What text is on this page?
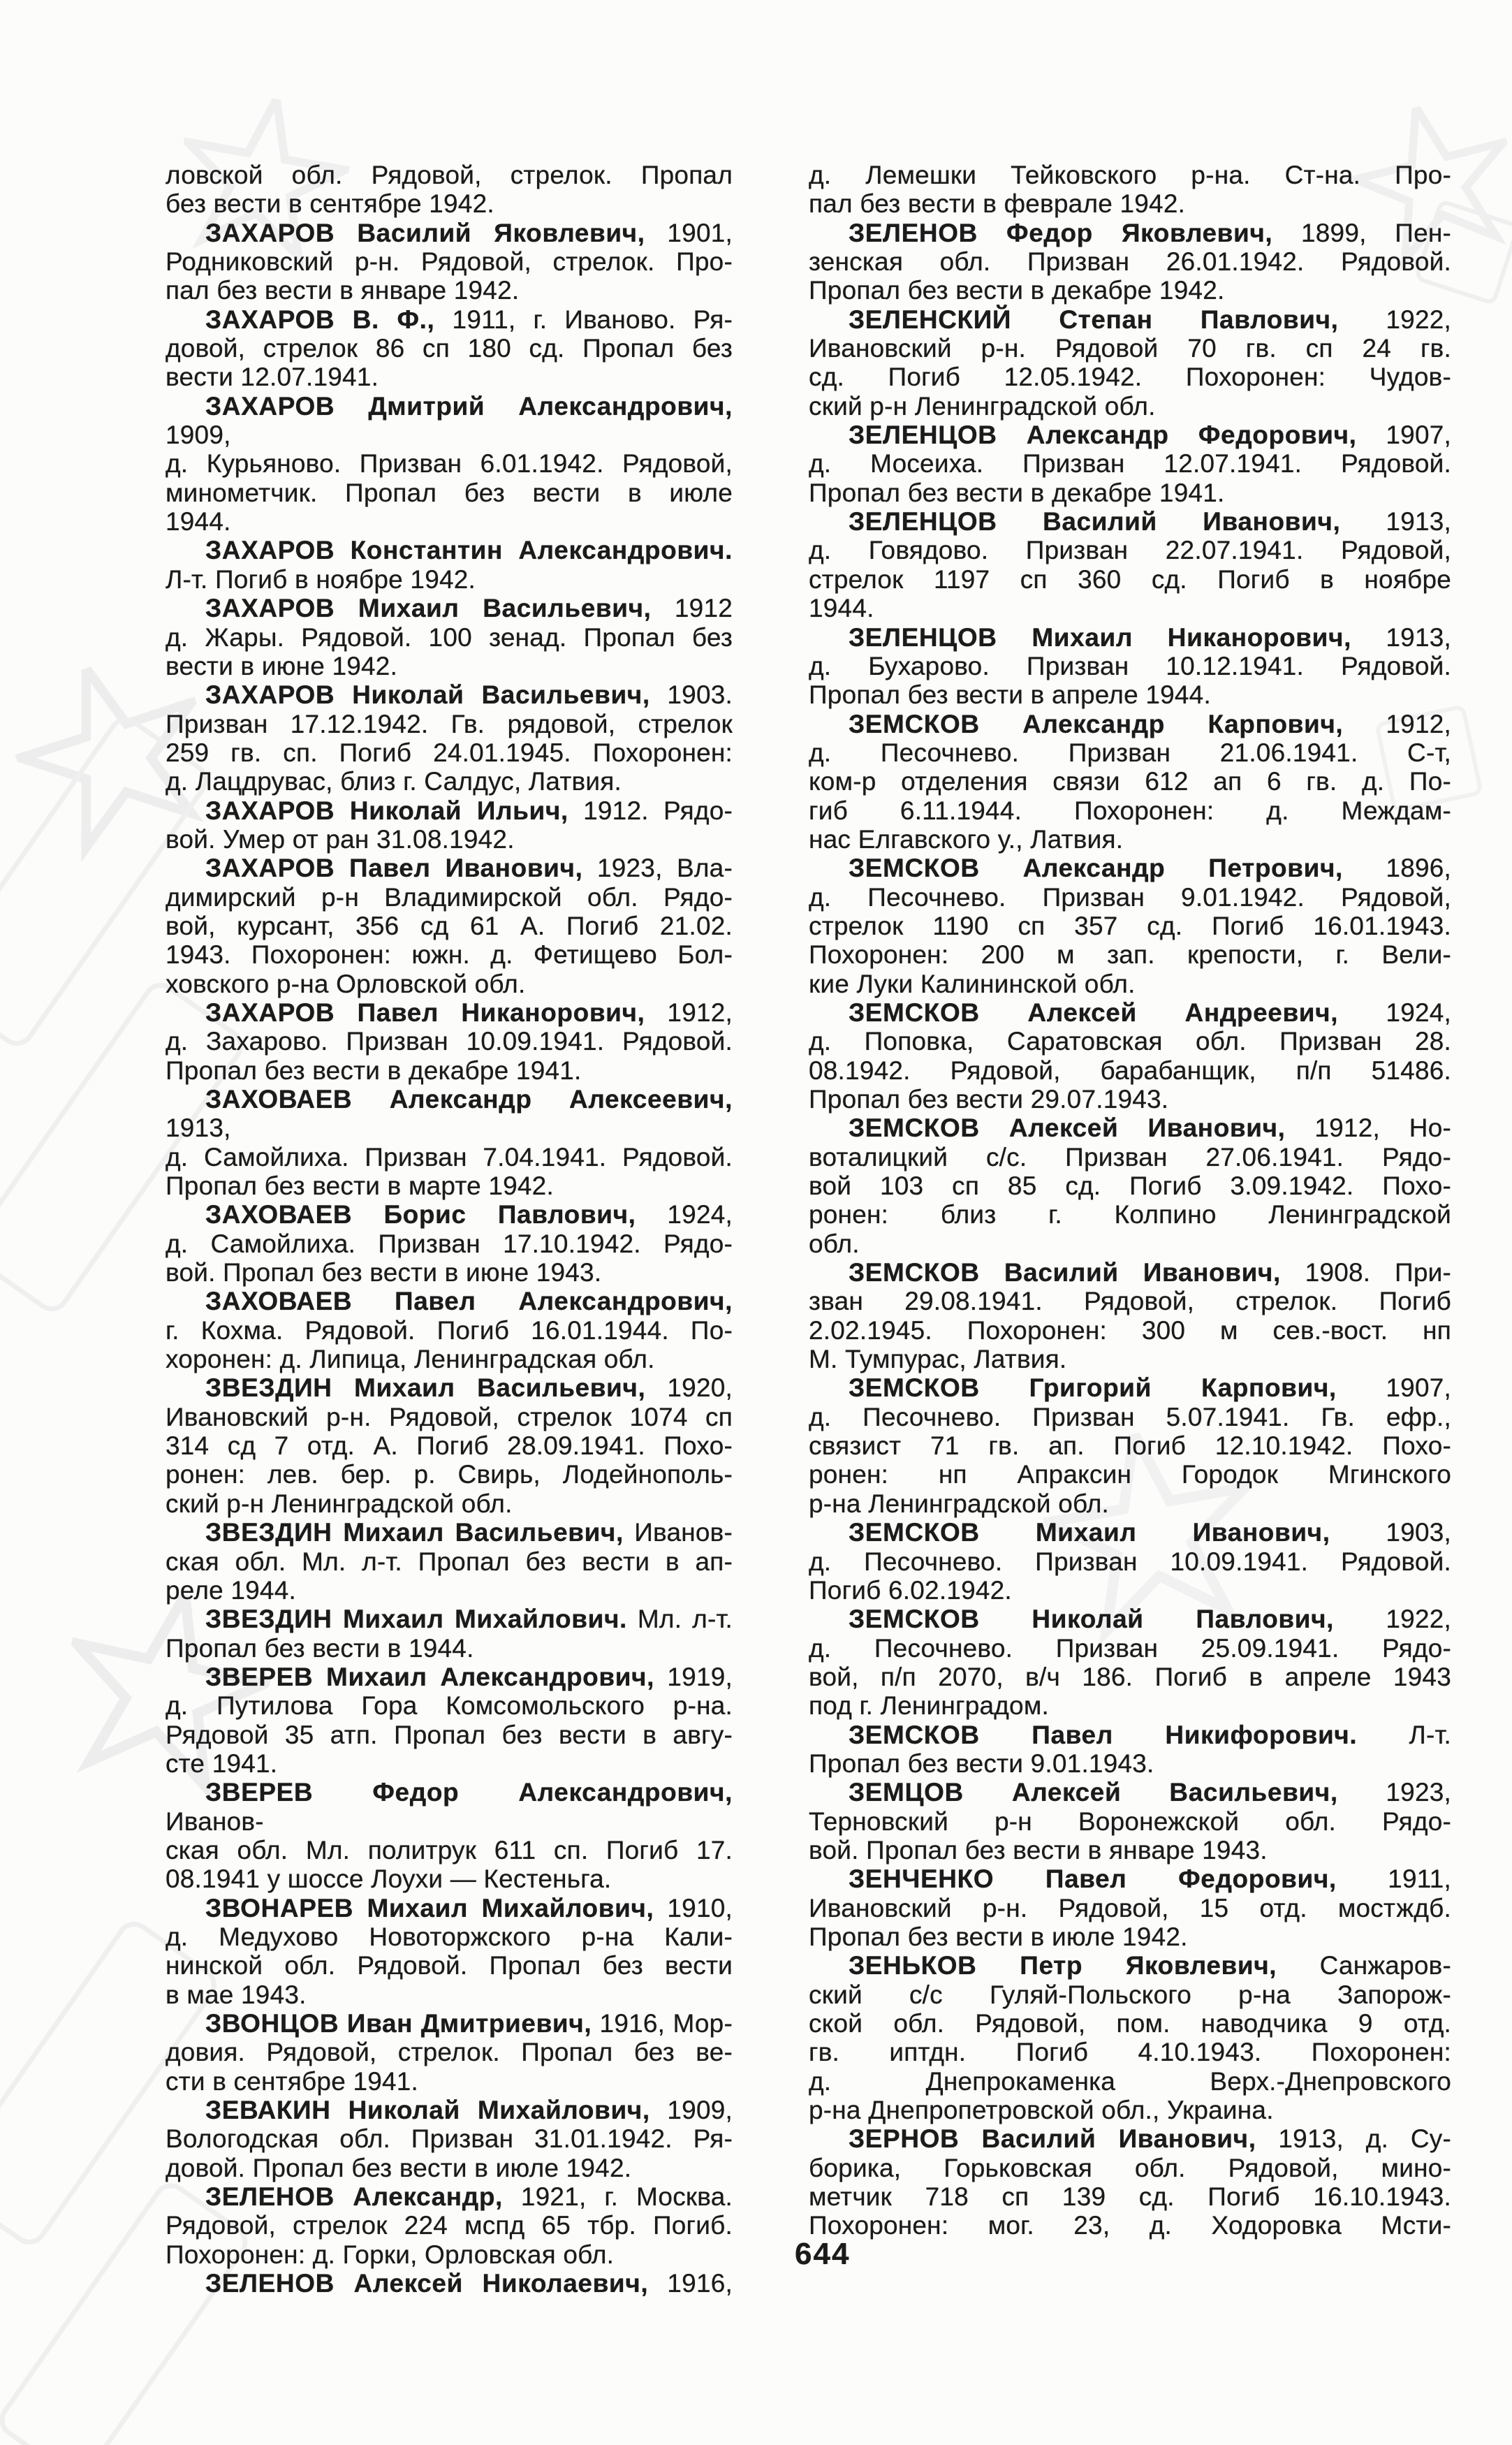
ловской обл. Рядовой, стрелок. Пропал
без вести в сентябре 1942.
ЗАХАРОВ Василий Яковлевич, 1901,
Родниковский р-н. Рядовой, стрелок. Про-
пал без вести в январе 1942.
ЗАХАРОВ В. Ф., 1911, г. Иваново. Ря-
довой, стрелок 86 сп 180 сд. Пропал без
вести 12.07.1941.
ЗАХАРОВ Дмитрий Александрович, 1909,
д. Курьяново. Призван 6.01.1942. Рядовой,
минометчик. Пропал без вести в июле
1944.
ЗАХАРОВ Константин Александрович.
Л-т. Погиб в ноябре 1942.
ЗАХАРОВ Михаил Васильевич, 1912
д. Жары. Рядовой. 100 зенад. Пропал без
вести в июне 1942.
ЗАХАРОВ Николай Васильевич, 1903.
Призван 17.12.1942. Гв. рядовой, стрелок
259 гв. сп. Погиб 24.01.1945. Похоронен:
д. Лацдрувас, близ г. Салдус, Латвия.
ЗАХАРОВ Николай Ильич, 1912. Рядо-
вой. Умер от ран 31.08.1942.
ЗАХАРОВ Павел Иванович, 1923, Вла-
димирский р-н Владимирской обл. Рядо-
вой, курсант, 356 сд 61 А. Погиб 21.02.
1943. Похоронен: южн. д. Фетищево Бол-
ховского р-на Орловской обл.
ЗАХАРОВ Павел Никанорович, 1912,
д. Захарово. Призван 10.09.1941. Рядовой.
Пропал без вести в декабре 1941.
ЗАХОВАЕВ Александр Алексеевич, 1913,
д. Самойлиха. Призван 7.04.1941. Рядовой.
Пропал без вести в марте 1942.
ЗАХОВАЕВ Борис Павлович, 1924,
д. Самойлиха. Призван 17.10.1942. Рядо-
вой. Пропал без вести в июне 1943.
ЗАХОВАЕВ Павел Александрович,
г. Кохма. Рядовой. Погиб 16.01.1944. По-
хоронен: д. Липица, Ленинградская обл.
ЗВЕЗДИН Михаил Васильевич, 1920,
Ивановский р-н. Рядовой, стрелок 1074 сп
314 сд 7 отд. А. Погиб 28.09.1941. Похо-
ронен: лев. бер. р. Свирь, Лодейнополь-
ский р-н Ленинградской обл.
ЗВЕЗДИН Михаил Васильевич, Иванов-
ская обл. Мл. л-т. Пропал без вести в ап-
реле 1944.
ЗВЕЗДИН Михаил Михайлович. Мл. л-т.
Пропал без вести в 1944.
ЗВЕРЕВ Михаил Александрович, 1919,
д. Путилова Гора Комсомольского р-на.
Рядовой 35 атп. Пропал без вести в авгу-
сте 1941.
ЗВЕРЕВ Федор Александрович, Иванов-
ская обл. Мл. политрук 611 сп. Погиб 17.
08.1941 у шоссе Лоухи — Кестеньга.
ЗВОНАРЕВ Михаил Михайлович, 1910,
д. Медухово Новоторжского р-на Кали-
нинской обл. Рядовой. Пропал без вести
в мае 1943.
ЗВОНЦОВ Иван Дмитриевич, 1916, Мор-
довия. Рядовой, стрелок. Пропал без ве-
сти в сентябре 1941.
ЗЕВАКИН Николай Михайлович, 1909,
Вологодская обл. Призван 31.01.1942. Ря-
довой. Пропал без вести в июле 1942.
ЗЕЛЕНОВ Александр, 1921, г. Москва.
Рядовой, стрелок 224 мспд 65 тбр. Погиб.
Похоронен: д. Горки, Орловская обл.
ЗЕЛЕНОВ Алексей Николаевич, 1916,
д. Лемешки Тейковского р-на. Ст-на. Про-
пал без вести в феврале 1942.
ЗЕЛЕНОВ Федор Яковлевич, 1899, Пен-
зенская обл. Призван 26.01.1942. Рядовой.
Пропал без вести в декабре 1942.
ЗЕЛЕНСКИЙ Степан Павлович, 1922,
Ивановский р-н. Рядовой 70 гв. сп 24 гв.
сд. Погиб 12.05.1942. Похоронен: Чудов-
ский р-н Ленинградской обл.
ЗЕЛЕНЦОВ Александр Федорович, 1907,
д. Мосеиха. Призван 12.07.1941. Рядовой.
Пропал без вести в декабре 1941.
ЗЕЛЕНЦОВ Василий Иванович, 1913,
д. Говядово. Призван 22.07.1941. Рядовой,
стрелок 1197 сп 360 сд. Погиб в ноябре
1944.
ЗЕЛЕНЦОВ Михаил Никанорович, 1913,
д. Бухарово. Призван 10.12.1941. Рядовой.
Пропал без вести в апреле 1944.
ЗЕМСКОВ Александр Карпович, 1912,
д. Песочнево. Призван 21.06.1941. С-т,
ком-р отделения связи 612 ап 6 гв. д. По-
гиб 6.11.1944. Похоронен: д. Междам-
нас Елгавского у., Латвия.
ЗЕМСКОВ Александр Петрович, 1896,
д. Песочнево. Призван 9.01.1942. Рядовой,
стрелок 1190 сп 357 сд. Погиб 16.01.1943.
Похоронен: 200 м зап. крепости, г. Вели-
кие Луки Калининской обл.
ЗЕМСКОВ Алексей Андреевич, 1924,
д. Поповка, Саратовская обл. Призван 28.
08.1942. Рядовой, барабанщик, п/п 51486.
Пропал без вести 29.07.1943.
ЗЕМСКОВ Алексей Иванович, 1912, Но-
воталицкий с/с. Призван 27.06.1941. Рядо-
вой 103 сп 85 сд. Погиб 3.09.1942. Похо-
ронен: близ г. Колпино Ленинградской
обл.
ЗЕМСКОВ Василий Иванович, 1908. При-
зван 29.08.1941. Рядовой, стрелок. Погиб
2.02.1945. Похоронен: 300 м сев.-вост. нп
М. Тумпурас, Латвия.
ЗЕМСКОВ Григорий Карпович, 1907,
д. Песочнево. Призван 5.07.1941. Гв. ефр.,
связист 71 гв. ап. Погиб 12.10.1942. Похо-
ронен: нп Апраксин Городок Мгинского
р-на Ленинградской обл.
ЗЕМСКОВ Михаил Иванович, 1903,
д. Песочнево. Призван 10.09.1941. Рядовой.
Погиб 6.02.1942.
ЗЕМСКОВ Николай Павлович, 1922,
д. Песочнево. Призван 25.09.1941. Рядо-
вой, п/п 2070, в/ч 186. Погиб в апреле 1943
под г. Ленинградом.
ЗЕМСКОВ Павел Никифорович. Л-т.
Пропал без вести 9.01.1943.
ЗЕМЦОВ Алексей Васильевич, 1923,
Терновский р-н Воронежской обл. Рядо-
вой. Пропал без вести в январе 1943.
ЗЕНЧЕНКО Павел Федорович, 1911,
Ивановский р-н. Рядовой, 15 отд. мостждб.
Пропал без вести в июле 1942.
ЗЕНЬКОВ Петр Яковлевич, Санжаров-
ский с/с Гуляй-Польского р-на Запорож-
ской обл. Рядовой, пом. наводчика 9 отд.
гв. иптдн. Погиб 4.10.1943. Похоронен:
д. Днепрокаменка Верх.-Днепровского
р-на Днепропетровской обл., Украина.
ЗЕРНОВ Василий Иванович, 1913, д. Су-
борика, Горьковская обл. Рядовой, мино-
метчик 718 сп 139 сд. Погиб 16.10.1943.
Похоронен: мог. 23, д. Ходоровка Мсти-
644
